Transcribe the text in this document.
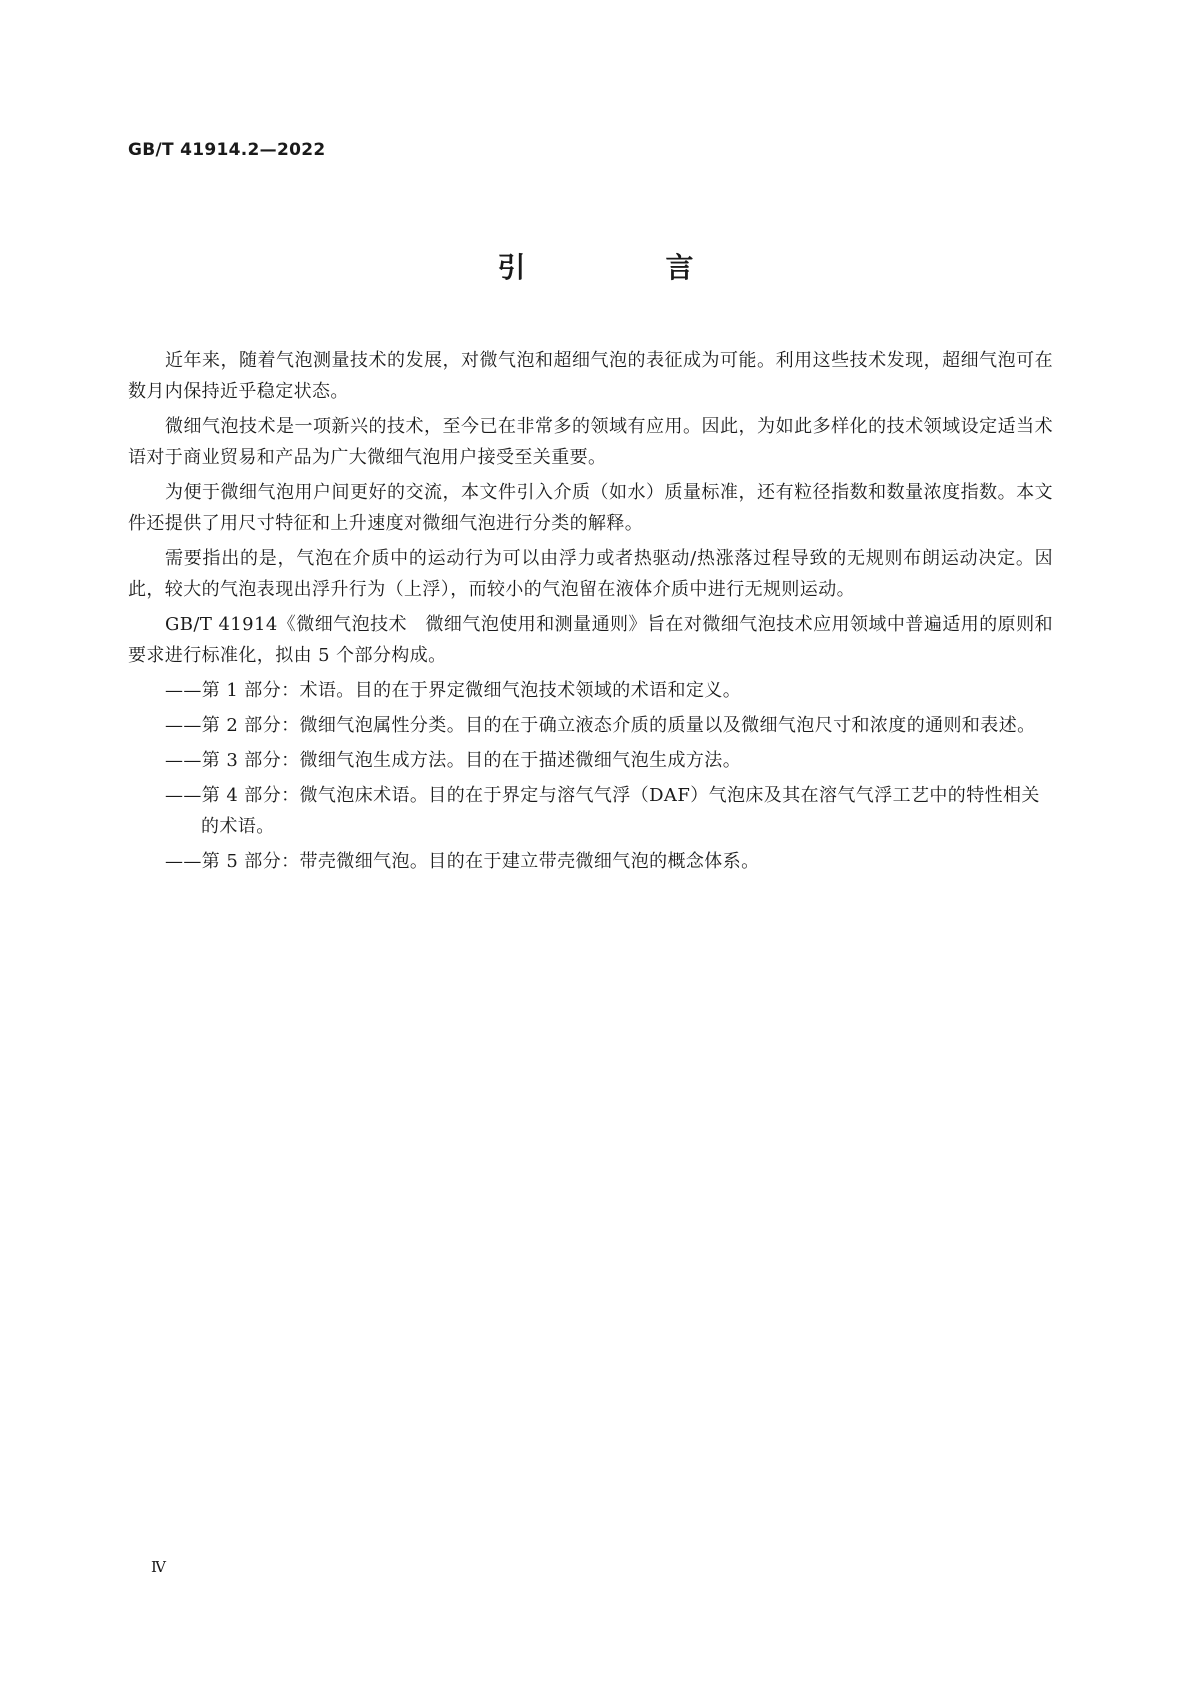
GB/T 41914.2—2022
引　言

近年来，随着气泡测量技术的发展，对微气泡和超细气泡的表征成为可能。利用这些技术发现，超细气泡可在数月内保持近乎稳定状态。

微细气泡技术是一项新兴的技术，至今已在非常多的领域有应用。因此，为如此多样化的技术领域设定适当术语对于商业贸易和产品为广大微细气泡用户接受至关重要。

为便于微细气泡用户间更好的交流，本文件引入介质（如水）质量标准，还有粒径指数和数量浓度指数。本文件还提供了用尺寸特征和上升速度对微细气泡进行分类的解释。

需要指出的是，气泡在介质中的运动行为可以由浮力或者热驱动/热涨落过程导致的无规则布朗运动决定。因此，较大的气泡表现出浮升行为（上浮），而较小的气泡留在液体介质中进行无规则运动。

GB/T 41914《微细气泡技术　微细气泡使用和测量通则》旨在对微细气泡技术应用领域中普遍适用的原则和要求进行标准化，拟由 5 个部分构成。

——第 1 部分：术语。目的在于界定微细气泡技术领域的术语和定义。
——第 2 部分：微细气泡属性分类。目的在于确立液态介质的质量以及微细气泡尺寸和浓度的通则和表述。
——第 3 部分：微细气泡生成方法。目的在于描述微细气泡生成方法。
——第 4 部分：微气泡床术语。目的在于界定与溶气气浮（DAF）气泡床及其在溶气气浮工艺中的特性相关的术语。
——第 5 部分：带壳微细气泡。目的在于建立带壳微细气泡的概念体系。
Ⅳ
